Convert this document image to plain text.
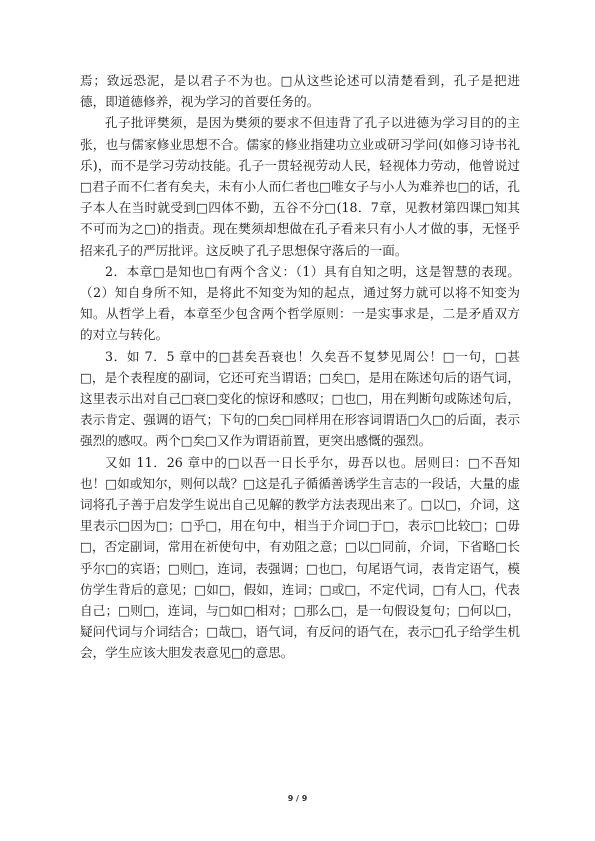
焉；致远恐泥，是以君子不为也。□从这些论述可以清楚看到，孔子是把进德，即道德修养，视为学习的首要任务的。

孔子批评樊须，是因为樊须的要求不但违背了孔子以进德为学习目的的主张，也与儒家修业思想不合。儒家的修业指建功立业或研习学问(如修习诗书礼乐)，而不是学习劳动技能。孔子一贯轻视劳动人民，轻视体力劳动，他曾说过□君子而不仁者有矣夫，未有小人而仁者也□唯女子与小人为难养也□的话，孔子本人在当时就受到□四体不勤，五谷不分□(18．7章，见教材第四课□知其不可而为之□)的指责。现在樊须却想做在孔子看来只有小人才做的事，无怪乎招来孔子的严厉批评。这反映了孔子思想保守落后的一面。

2．本章□是知也□有两个含义：（1）具有自知之明，这是智慧的表现。（2）知自身所不知，是将此不知变为知的起点，通过努力就可以将不知变为知。从哲学上看，本章至少包含两个哲学原则：一是实事求是，二是矛盾双方的对立与转化。

3．如 7．5 章中的□甚矣吾衰也！久矣吾不复梦见周公！□一句，□甚□，是个表程度的副词，它还可充当谓语；□矣□，是用在陈述句后的语气词，这里表示出对自己□衰□变化的惊讶和感叹；□也□，用在判断句或陈述句后，表示肯定、强调的语气；下句的□矣□同样用在形容词谓语□久□的后面，表示强烈的感叹。两个□矣□又作为谓语前置，更突出感慨的强烈。

又如 11．26 章中的□以吾一日长乎尔，毋吾以也。居则曰：□不吾知也！□如或知尔，则何以哉？□这是孔子循循善诱学生言志的一段话，大量的虚词将孔子善于启发学生说出自己见解的教学方法表现出来了。□以□，介词，这里表示□因为□；□乎□，用在句中，相当于介词□于□，表示□比较□；□毋□，否定副词，常用在祈使句中，有劝阻之意；□以□同前，介词，下省略□长乎尔□的宾语；□则□，连词，表强调；□也□，句尾语气词，表肯定语气，模仿学生背后的意见；□如□，假如，连词；□或□，不定代词，□有人□，代表自己；□则□，连词，与□如□相对；□那么□，是一句假设复句；□何以□，疑问代词与介词结合；□哉□，语气词，有反问的语气在，表示□孔子给学生机会，学生应该大胆发表意见□的意思。

9 / 9
